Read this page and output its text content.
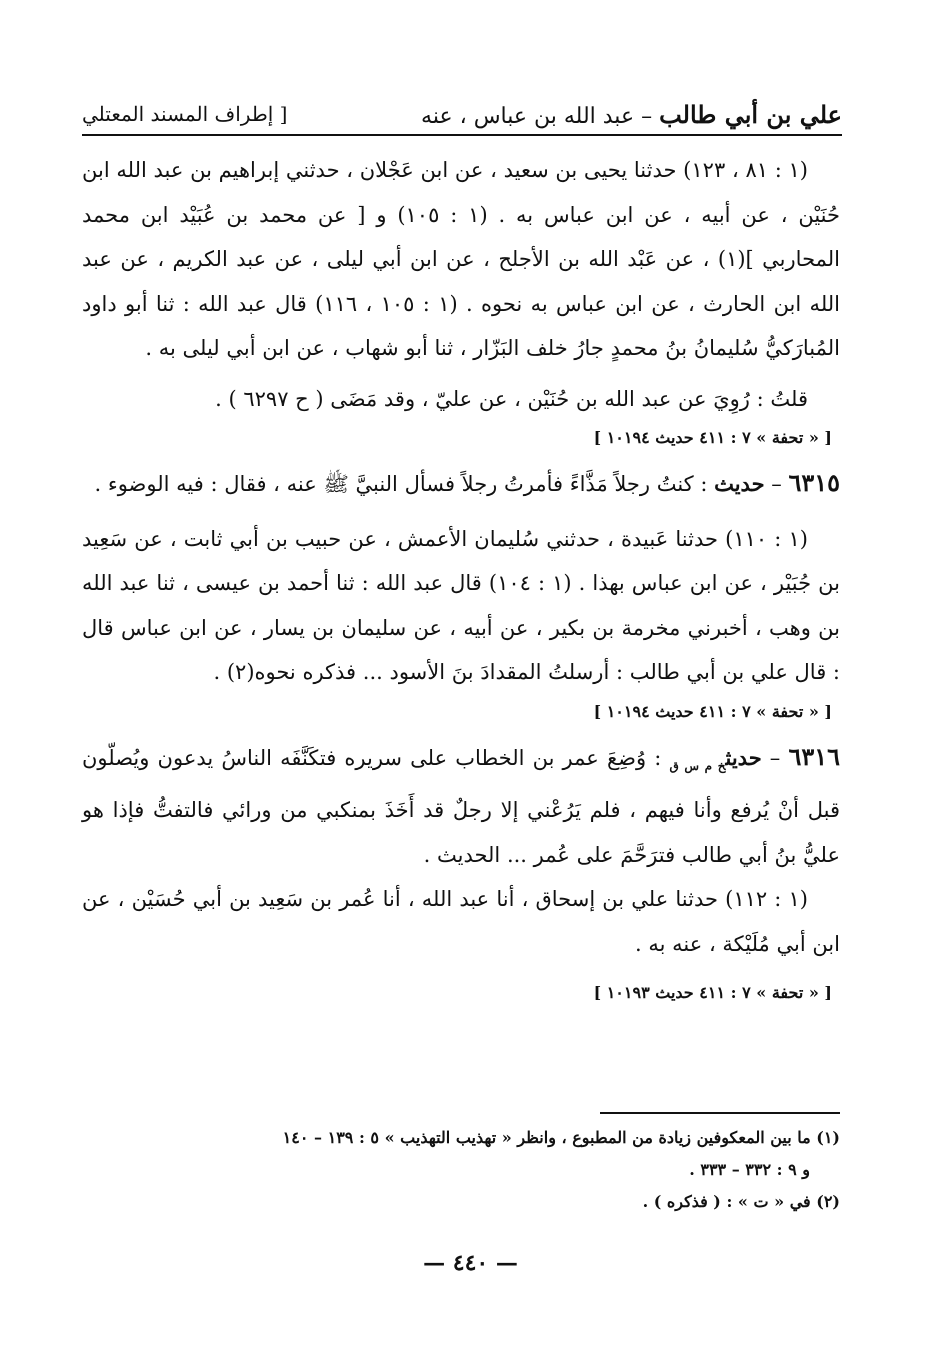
علي بن أبي طالب – عبد الله بن عباس ، عنه
[ إطراف المسند المعتلي

(١ : ٨١ ، ١٢٣) حدثنا يحيى بن سعيد ، عن ابن عَجْلان ، حدثني إبراهيم بن عبد الله ابن حُنَيْن ، عن أبيه ، عن ابن عباس به . (١ : ١٠٥) و [ عن محمد بن عُبَيْد ابن محمد المحاربي ](١) ، عن عَبْد الله بن الأجلح ، عن ابن أبي ليلى ، عن عبد الكريم ، عن عبد الله ابن الحارث ، عن ابن عباس به نحوه . (١ : ١٠٥ ، ١١٦) قال عبد الله : ثنا أبو داود المُبارَكيُّ سُليمانُ بنُ محمدٍ جارُ خلف البَزّار ، ثنا أبو شهاب ، عن ابن أبي ليلى به .

قلتُ : رُوِيَ عن عبد الله بن حُنَيْن ، عن عليّ ، وقد مَضَى ( ح ٦٢٩٧ ) .

[ « تحفة » ٧ : ٤١١ حديث ١٠١٩٤ ]

٦٣١٥ – حديث : كنتُ رجلاً مَذَّاءً فأمرتُ رجلاً فسأل النبيَّ ﷺ عنه ، فقال : فيه الوضوء .

(١ : ١١٠) حدثنا عَبيدة ، حدثني سُليمان الأعمش ، عن حبيب بن أبي ثابت ، عن سَعِيد بن جُبَيْر ، عن ابن عباس بهذا . (١ : ١٠٤) قال عبد الله : ثنا أحمد بن عيسى ، ثنا عبد الله بن وهب ، أخبرني مخرمة بن بكير ، عن أبيه ، عن سليمان بن يسار ، عن ابن عباس قال : قال علي بن أبي طالب : أرسلتُ المقدادَ بنَ الأسود ... فذكره نحوه(٢) .

[ « تحفة » ٧ : ٤١١ حديث ١٠١٩٤ ]

٦٣١٦ – حديث$_{خ م س ق}$ : وُضِعَ عمر بن الخطاب على سريره فتكَنَّفَه الناسُ يدعون ويُصلّون قبل أنْ يُرفع وأنا فيهم ، فلم يَرُعْني إلا رجلٌ قد أَخَذَ بمنكبي من ورائي فالتفتُّ فإذا هو عليُّ بنُ أبي طالب فترَحَّمَ على عُمر ... الحديث .

(١ : ١١٢) حدثنا علي بن إسحاق ، أنا عبد الله ، أنا عُمر بن سَعِيد بن أبي حُسَيْن ، عن ابن أبي مُلَيْكة ، عنه به .

[ « تحفة » ٧ : ٤١١ حديث ١٠١٩٣ ]

(١) ما بين المعكوفين زيادة من المطبوع ، وانظر « تهذيب التهذيب » ٥ : ١٣٩ – ١٤٠
و ٩ : ٣٣٢ – ٣٣٣ .

(٢) في « ت » : ( فذكره ) .

— ٤٤٠ —
